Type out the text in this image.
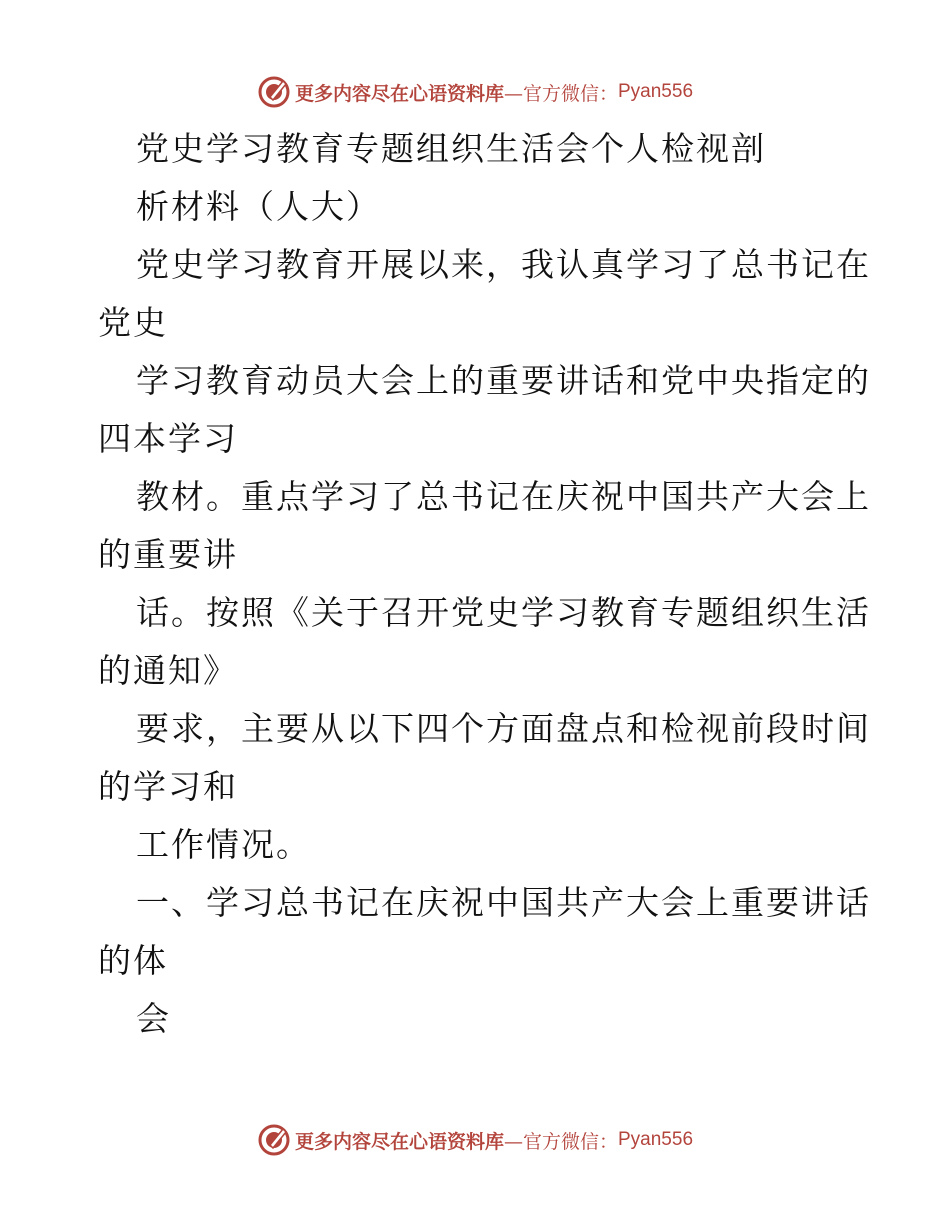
更多内容尽在心语资料库 —官方微信： Pyan556
党史学习教育专题组织生活会个人检视剖
析材料（人大）
党史学习教育开展以来，我认真学习了总书记在
党史
学习教育动员大会上的重要讲话和党中央指定的
四本学习
教材。重点学习了总书记在庆祝中国共产大会上
的重要讲
话。按照《关于召开党史学习教育专题组织生活
的通知》
要求，主要从以下四个方面盘点和检视前段时间
的学习和
工作情况。
一、学习总书记在庆祝中国共产大会上重要讲话
的体
会
更多内容尽在心语资料库 —官方微信： Pyan556
